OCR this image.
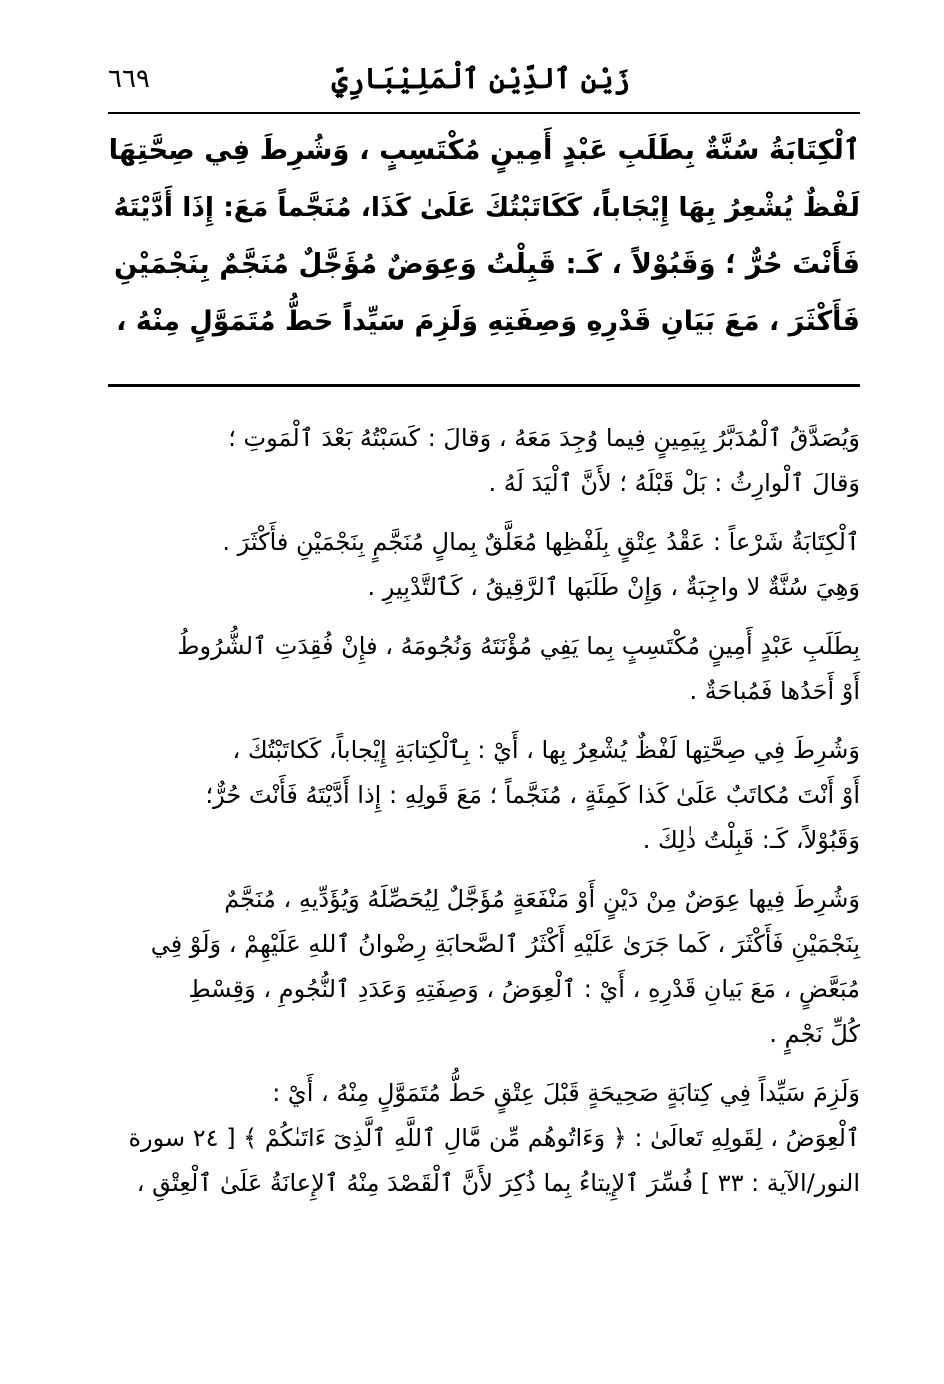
زَيْن ٱلدِّيْنِ ٱلْمَلِيْبَارِيِّ
٦٦٩

ٱلْكِتَابَةُ سُنَّةٌ بِطَلَبِ عَبْدٍ أَمِينٍ مُكْتَسِبٍ ، وَشُرِطَ فِي صِحَّتِهَا

لَفْظٌ يُشْعِرُ بِهَا إِيْجَاباً، كَكَاتَبْتُكَ عَلَىٰ كَذَا، مُنَجَّماً مَعَ: إِذَا أَدَّيْتَهُ

فَأَنْتَ حُرٌّ ؛ وَقَبُوْلاً ، كَـ: قَبِلْتُ وَعِوَضٌ مُؤَجَّلٌ مُنَجَّمٌ بِنَجْمَيْنِ

فَأَكْثَرَ ، مَعَ بَيَانِ قَدْرِهِ وَصِفَتِهِ وَلَزِمَ سَيِّداً حَطُّ مُتَمَوَّلٍ مِنْهُ ،

وَيُصَدَّقُ ٱلْمُدَبَّرُ بِيَمِينٍ فِيما وُجِدَ مَعَهُ ، وَقالَ : كَسَبْتُهُ بَعْدَ ٱلْمَوتِ ؛
وَقالَ ٱلْوارِثُ : بَلْ قَبْلَهُ ؛ لأَنَّ ٱلْيَدَ لَهُ .

ٱلْكِتَابَةُ شَرْعاً : عَقْدُ عِتْقٍ بِلَفْظِها مُعَلَّقٌ بِمالٍ مُنَجَّمٍ بِنَجْمَيْنِ فأَكْثَرَ .
وَهِيَ سُنَّةٌ لا واجِبَةٌ ، وَإِنْ طَلَبَها ٱلرَّقِيقُ ، كَٱلتَّدْبِيرِ .

بِطَلَبِ عَبْدٍ أَمِينٍ مُكْتَسِبٍ بِما يَفِي مُؤْنَتَهُ وَنُجُومَهُ ، فإِنْ فُقِدَتِ ٱلشُّرُوطُ
أَوْ أَحَدُها فَمُباحَةٌ .

وَشُرِطَ فِي صِحَّتِها لَفْظٌ يُشْعِرُ بِها ، أَيْ : بِٱلْكِتابَةِ إِيْجاباً، كَكاتَبْتُكَ ،
أَوْ أَنْتَ مُكاتَبٌ عَلَىٰ كَذا كَمِئَةٍ ، مُنَجَّماً ؛ مَعَ قَولِهِ : إِذا أَدَّيْتَهُ فَأَنْتَ حُرٌّ؛
وَقَبُوْلاً، كَـ: قَبِلْتُ ذٰلِكَ .

وَشُرِطَ فِيها عِوَضٌ مِنْ دَيْنٍ أَوْ مَنْفَعَةٍ مُؤَجَّلٌ لِيُحَصِّلَهُ وَيُؤَدِّيهِ ، مُنَجَّمٌ
بِنَجْمَيْنِ فَأَكْثَرَ ، كَما جَرَىٰ عَلَيْهِ أَكْثَرُ ٱلصَّحابَةِ رِضْوانُ ٱللهِ عَلَيْهِمْ ، وَلَوْ فِي
مُبَعَّضٍ ، مَعَ بَيانِ قَدْرِهِ ، أَيْ : ٱلْعِوَضُ ، وَصِفَتِهِ وَعَدَدِ ٱلنُّجُومِ ، وَقِسْطِ
كُلِّ نَجْمٍ .

وَلَزِمَ سَيِّداً فِي كِتابَةٍ صَحِيحَةٍ قَبْلَ عِتْقٍ حَطُّ مُتَمَوَّلٍ مِنْهُ ، أَيْ :
ٱلْعِوَضُ ، لِقَولِهِ تَعالَىٰ : ﴿ وَءَاتُوهُم مِّن مَّالِ ٱللَّهِ ٱلَّذِىٓ ءَاتَىٰكُمْ ﴾ [ ٢٤ سورة
النور/الآية : ٣٣ ] فُسِّرَ ٱلإِيتاءُ بِما ذُكِرَ لأَنَّ ٱلْقَصْدَ مِنْهُ ٱلإِعانَةُ عَلَىٰ ٱلْعِتْقِ ،
